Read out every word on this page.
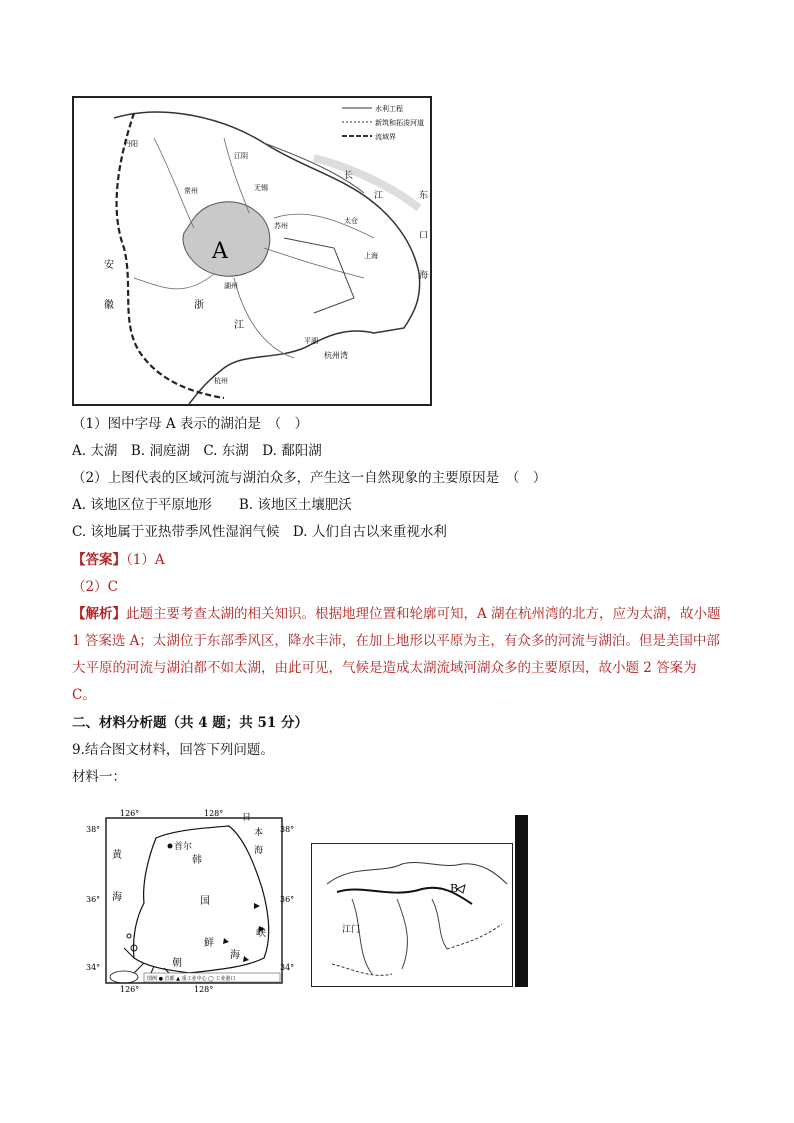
水利工程
新筑和拓浚河道
流域界
丹阳
江阴
常州	无锡
苏州
上海
安
徽	浙
江
杭州湾
长
江
口
东
海
湖州
杭州
太仓
平湖
A
（1）图中字母 A 表示的湖泊是　（　）
A. 太湖　B. 洞庭湖　C. 东湖　D. 鄱阳湖
（2）上图代表的区域河流与湖泊众多，产生这一自然现象的主要原因是　（　）
A. 该地区位于平原地形　　B. 该地区土壤肥沃
C. 该地属于亚热带季风性湿润气候　D. 人们自古以来重视水利
【答案】（1）A
（2）C
【解析】此题主要考查太湖的相关知识。根据地理位置和轮廓可知，A 湖在杭州湾的北方，应为太湖，故小题 1 答案选 A；太湖位于东部季风区，降水丰沛，在加上地形以平原为主，有众多的河流与湖泊。但是美国中部大平原的河流与湖泊都不如太湖，由此可见，气候是造成太湖流域河湖众多的主要原因，故小题 2 答案为 C。
二、材料分析题（共 4 题；共 51 分）
9.结合图文材料，回答下列问题。
材料一：
首尔
韩
国
黄
海
日
本
海
朝
鲜
海
峡
126°	128°
126°	128°
38°
36°
34°
38°
36°
34°
图例 ● 首都 ▲ 重工业中心 ◯ 工业港口
B
江门
